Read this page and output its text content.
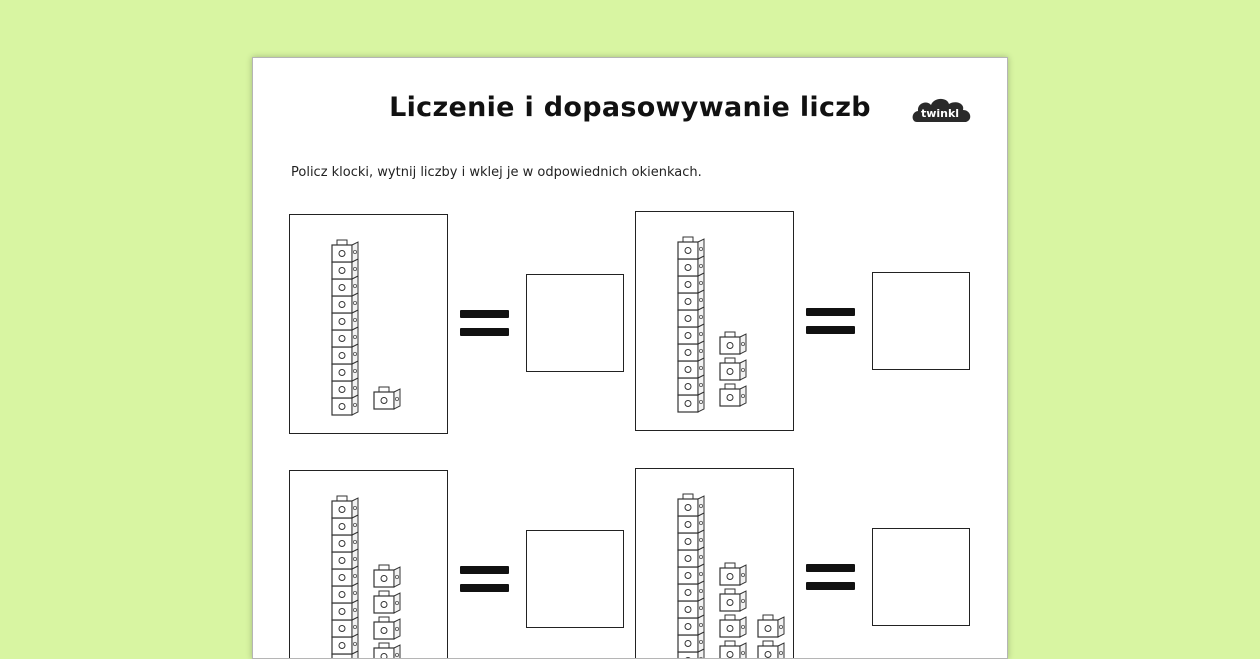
Liczenie i dopasowywanie liczb	twinkl
Policz klocki, wytnij liczby i wklej je w odpowiednich okienkach.
